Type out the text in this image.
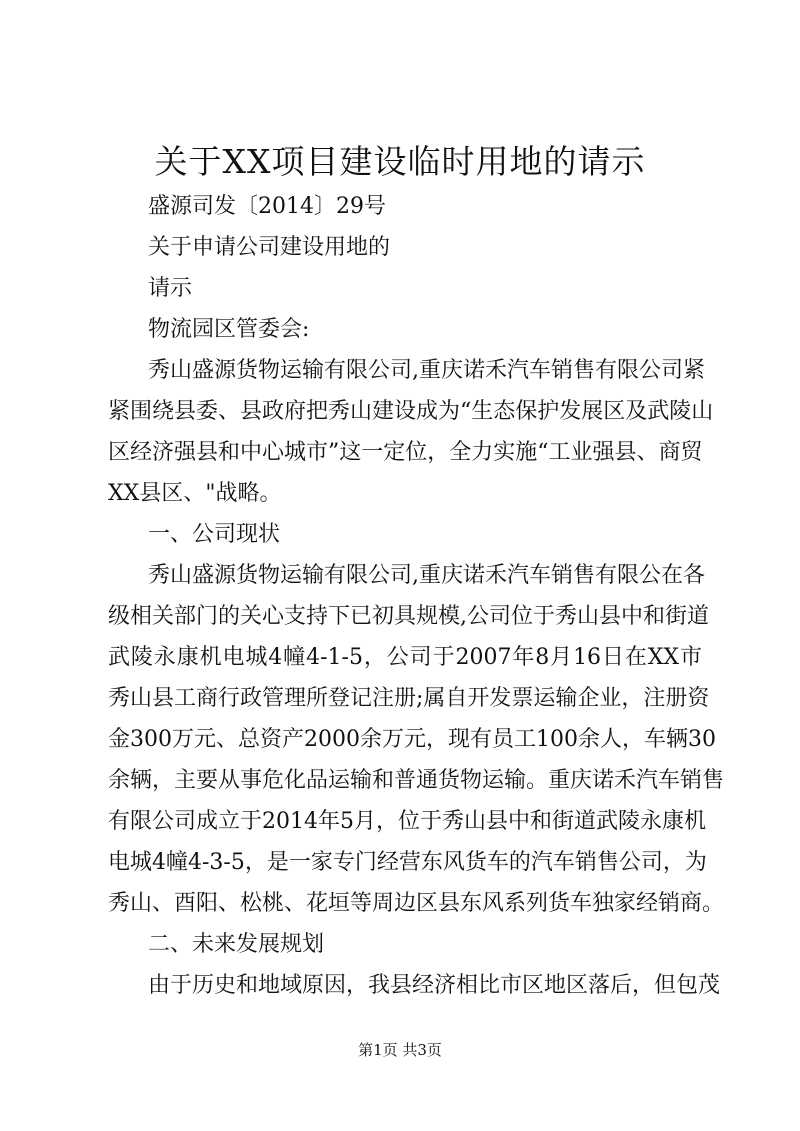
关于XX项目建设临时用地的请示
盛源司发〔2014〕29号
关于申请公司建设用地的
请示
物流园区管委会:
秀山盛源货物运输有限公司,重庆诺禾汽车销售有限公司紧
紧围绕县委、县政府把秀山建设成为“生态保护发展区及武陵山
区经济强县和中心城市”这一定位，全力实施“工业强县、商贸
XX县区、"战略。
一、公司现状
秀山盛源货物运输有限公司,重庆诺禾汽车销售有限公在各
级相关部门的关心支持下已初具规模,公司位于秀山县中和街道
武陵永康机电城4幢4-1-5，公司于2007年8月16日在XX市
秀山县工商行政管理所登记注册;属自开发票运输企业，注册资
金300万元、总资产2000余万元，现有员工100余人，车辆30
余辆，主要从事危化品运输和普通货物运输。重庆诺禾汽车销售
有限公司成立于2014年5月，位于秀山县中和街道武陵永康机
电城4幢4-3-5，是一家专门经营东风货车的汽车销售公司，为
秀山、酉阳、松桃、花垣等周边区县东风系列货车独家经销商。
二、未来发展规划
由于历史和地域原因，我县经济相比市区地区落后，但包茂
第1页 共3页
